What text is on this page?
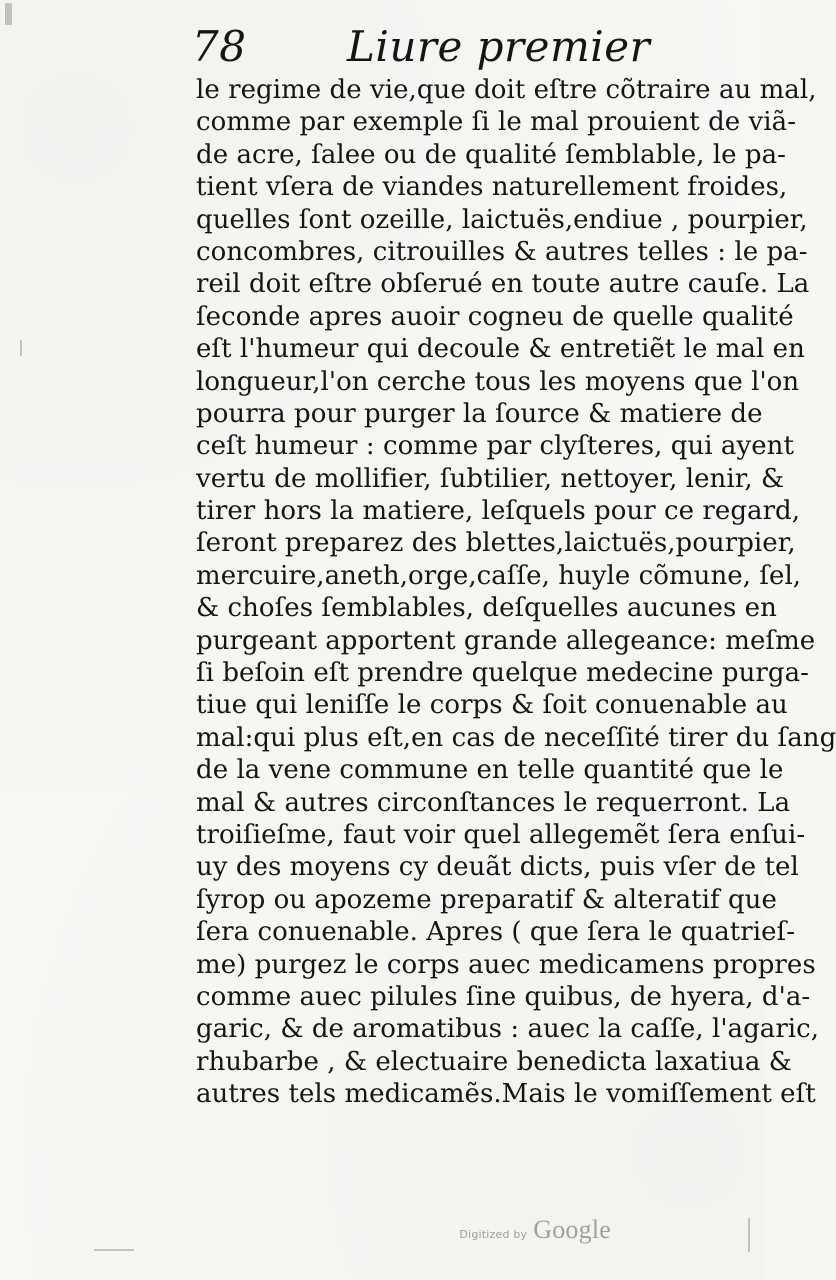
78 Liure premier
le regime de vie,que doit eſtre cõtraire au mal,
comme par exemple ſi le mal prouient de viã-
de acre, ſalee ou de qualité ſemblable, le pa-
tient vſera de viandes naturellement froides,
quelles ſont ozeille, laictuës,endiue , pourpier,
concombres, citrouilles & autres telles : le pa-
reil doit eſtre obſerué en toute autre cauſe. La
ſeconde apres auoir cogneu de quelle qualité
eſt l'humeur qui decoule & entretiẽt le mal en
longueur,l'on cerche tous les moyens que l'on
pourra pour purger la ſource & matiere de
ceſt humeur : comme par clyſteres, qui ayent
vertu de mollifier, ſubtilier, nettoyer, lenir, &
tirer hors la matiere, leſquels pour ce regard,
ſeront preparez des blettes,laictuës,pourpier,
mercuire,aneth,orge,caſſe, huyle cõmune, ſel,
& choſes ſemblables, deſquelles aucunes en
purgeant apportent grande allegeance: meſme
ſi beſoin eſt prendre quelque medecine purga-
tiue qui leniſſe le corps & ſoit conuenable au
mal:qui plus eſt,en cas de neceſſité tirer du ſang
de la vene commune en telle quantité que le
mal & autres circonſtances le requerront. La
troiſieſme, faut voir quel allegemẽt ſera enſui-
uy des moyens cy deuãt dicts, puis vſer de tel
ſyrop ou apozeme preparatif & alteratif que
ſera conuenable. Apres ( que ſera le quatrieſ-
me) purgez le corps auec medicamens propres
comme auec pilules ſine quibus, de hyera, d'a-
garic, & de aromatibus : auec la caſſe, l'agaric,
rhubarbe , & electuaire benedicta laxatiua &
autres tels medicamẽs.Mais le vomiſſement eſt
Digitized by Google
